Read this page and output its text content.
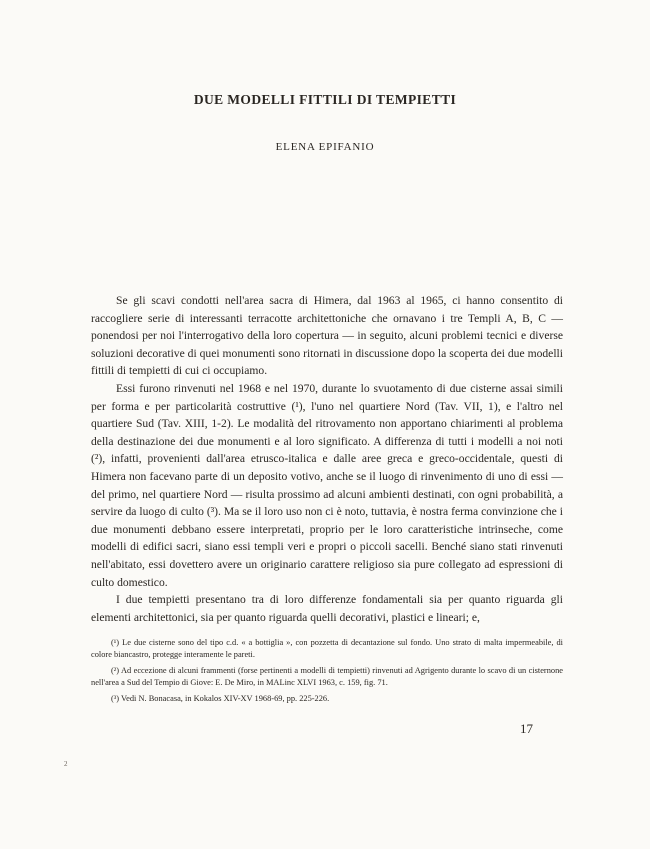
DUE MODELLI FITTILI DI TEMPIETTI
ELENA EPIFANIO

Se gli scavi condotti nell'area sacra di Himera, dal 1963 al 1965, ci hanno consentito di raccogliere serie di interessanti terracotte architettoniche che ornavano i tre Templi A, B, C — ponendosi per noi l'interrogativo della loro copertura — in seguito, alcuni problemi tecnici e diverse soluzioni decorative di quei monumenti sono ritornati in discussione dopo la scoperta dei due modelli fittili di tempietti di cui ci occupiamo.

Essi furono rinvenuti nel 1968 e nel 1970, durante lo svuotamento di due cisterne assai simili per forma e per particolarità costruttive (¹), l'uno nel quartiere Nord (Tav. VII, 1), e l'altro nel quartiere Sud (Tav. XIII, 1-2). Le modalità del ritrovamento non apportano chiarimenti al problema della destinazione dei due monumenti e al loro significato. A differenza di tutti i modelli a noi noti (²), infatti, provenienti dall'area etrusco-italica e dalle aree greca e greco-occidentale, questi di Himera non facevano parte di un deposito votivo, anche se il luogo di rinvenimento di uno di essi — del primo, nel quartiere Nord — risulta prossimo ad alcuni ambienti destinati, con ogni probabilità, a servire da luogo di culto (³). Ma se il loro uso non ci è noto, tuttavia, è nostra ferma convinzione che i due monumenti debbano essere interpretati, proprio per le loro caratteristiche intrinseche, come modelli di edifici sacri, siano essi templi veri e propri o piccoli sacelli. Benché siano stati rinvenuti nell'abitato, essi dovettero avere un originario carattere religioso sia pure collegato ad espressioni di culto domestico.

I due tempietti presentano tra di loro differenze fondamentali sia per quanto riguarda gli elementi architettonici, sia per quanto riguarda quelli decorativi, plastici e lineari; e,

(¹) Le due cisterne sono del tipo c.d. « a bottiglia », con pozzetta di decantazione sul fondo. Uno strato di malta impermeabile, di colore biancastro, protegge interamente le pareti.

(²) Ad eccezione di alcuni frammenti (forse pertinenti a modelli di tempietti) rinvenuti ad Agrigento durante lo scavo di un cisternone nell'area a Sud del Tempio di Giove: E. De Miro, in MALinc XLVI 1963, c. 159, fig. 71.

(³) Vedi N. Bonacasa, in Kokalos XIV-XV 1968-69, pp. 225-226.

17
2
